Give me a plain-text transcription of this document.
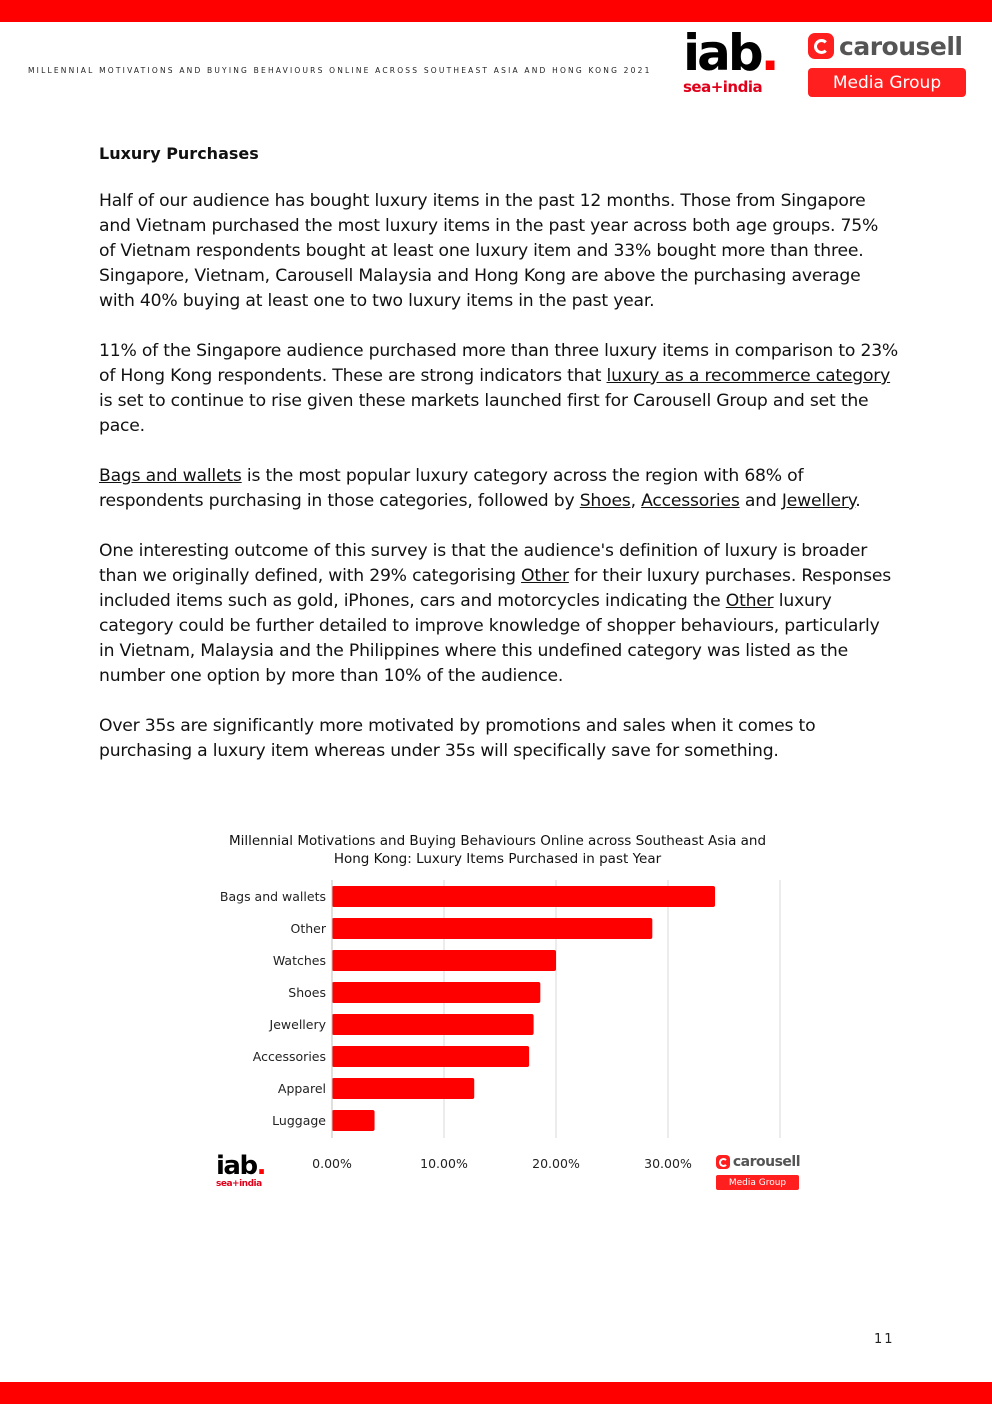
MILLENNIAL MOTIVATIONS AND BUYING BEHAVIOURS ONLINE ACROSS SOUTHEAST ASIA AND HONG KONG 2021 iab.
sea+india
carousell
Media Group
Luxury Purchases

Half of our audience has bought luxury items in the past 12 months. Those from Singapore and Vietnam purchased the most luxury items in the past year across both age groups. 75% of Vietnam respondents bought at least one luxury item and 33% bought more than three. Singapore, Vietnam, Carousell Malaysia and Hong Kong are above the purchasing average with 40% buying at least one to two luxury items in the past year.

11% of the Singapore audience purchased more than three luxury items in comparison to 23% of Hong Kong respondents. These are strong indicators that luxury as a recommerce category is set to continue to rise given these markets launched first for Carousell Group and set the pace.

Bags and wallets is the most popular luxury category across the region with 68% of respondents purchasing in those categories, followed by Shoes, Accessories and Jewellery.

One interesting outcome of this survey is that the audience's definition of luxury is broader than we originally defined, with 29% categorising Other for their luxury purchases. Responses included items such as gold, iPhones, cars and motorcycles indicating the Other luxury category could be further detailed to improve knowledge of shopper behaviours, particularly in Vietnam, Malaysia and the Philippines where this undefined category was listed as the number one option by more than 10% of the audience.

Over 35s are significantly more motivated by promotions and sales when it comes to purchasing a luxury item whereas under 35s will specifically save for something.

Millennial Motivations and Buying Behaviours Online across Southeast Asia and
Hong Kong: Luxury Items Purchased in past Year
0.00%	10.00%	20.00%	30.00%
Bags and wallets
Other
Watches
Shoes
Jewellery
Accessories
Apparel
Luggage
iab.
sea+india
carousell
Media Group
11
